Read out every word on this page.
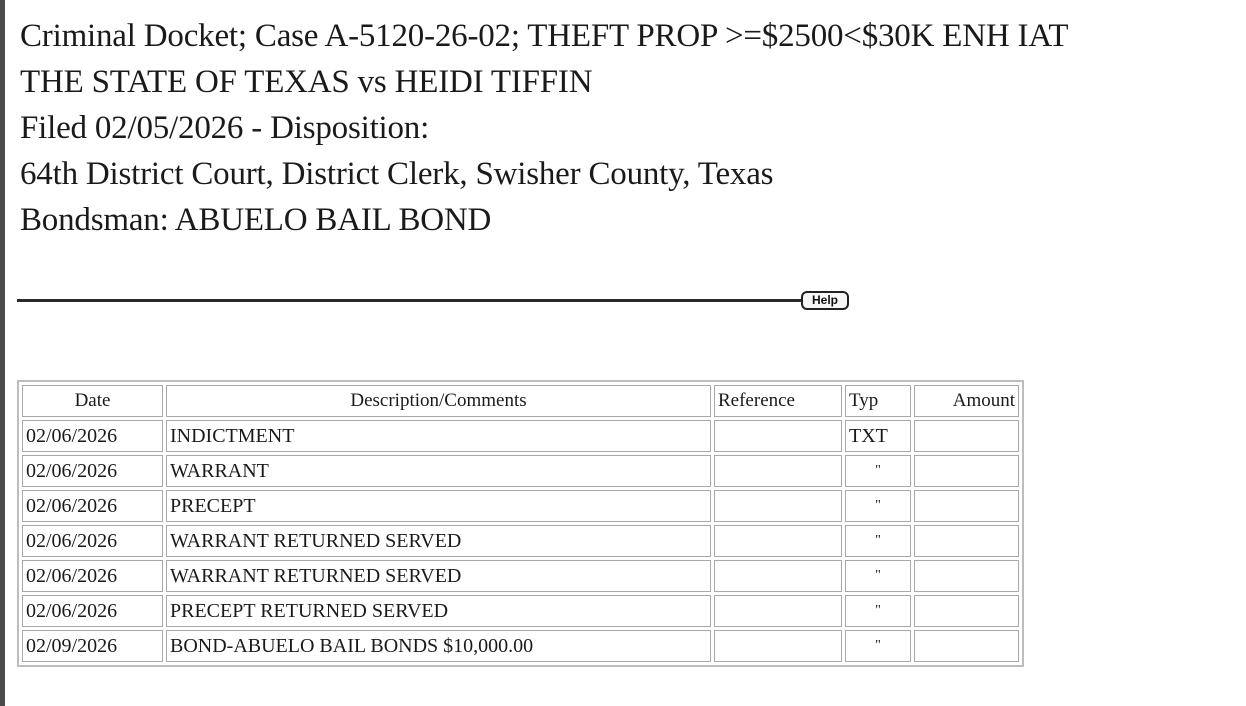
Criminal Docket; Case A-5120-26-02; THEFT PROP >=$2500<$30K ENH IAT
THE STATE OF TEXAS vs HEIDI TIFFIN
Filed 02/05/2026 - Disposition:
64th District Court, District Clerk, Swisher County, Texas
Bondsman: ABUELO BAIL BOND
Help
Date	Description/Comments	Reference	Typ	Amount
02/06/2026	INDICTMENT		TXT	
02/06/2026	WARRANT		"	
02/06/2026	PRECEPT		"	
02/06/2026	WARRANT RETURNED SERVED		"	
02/06/2026	WARRANT RETURNED SERVED		"	
02/06/2026	PRECEPT RETURNED SERVED		"	
02/09/2026	BOND-ABUELO BAIL BONDS $10,000.00		"	
